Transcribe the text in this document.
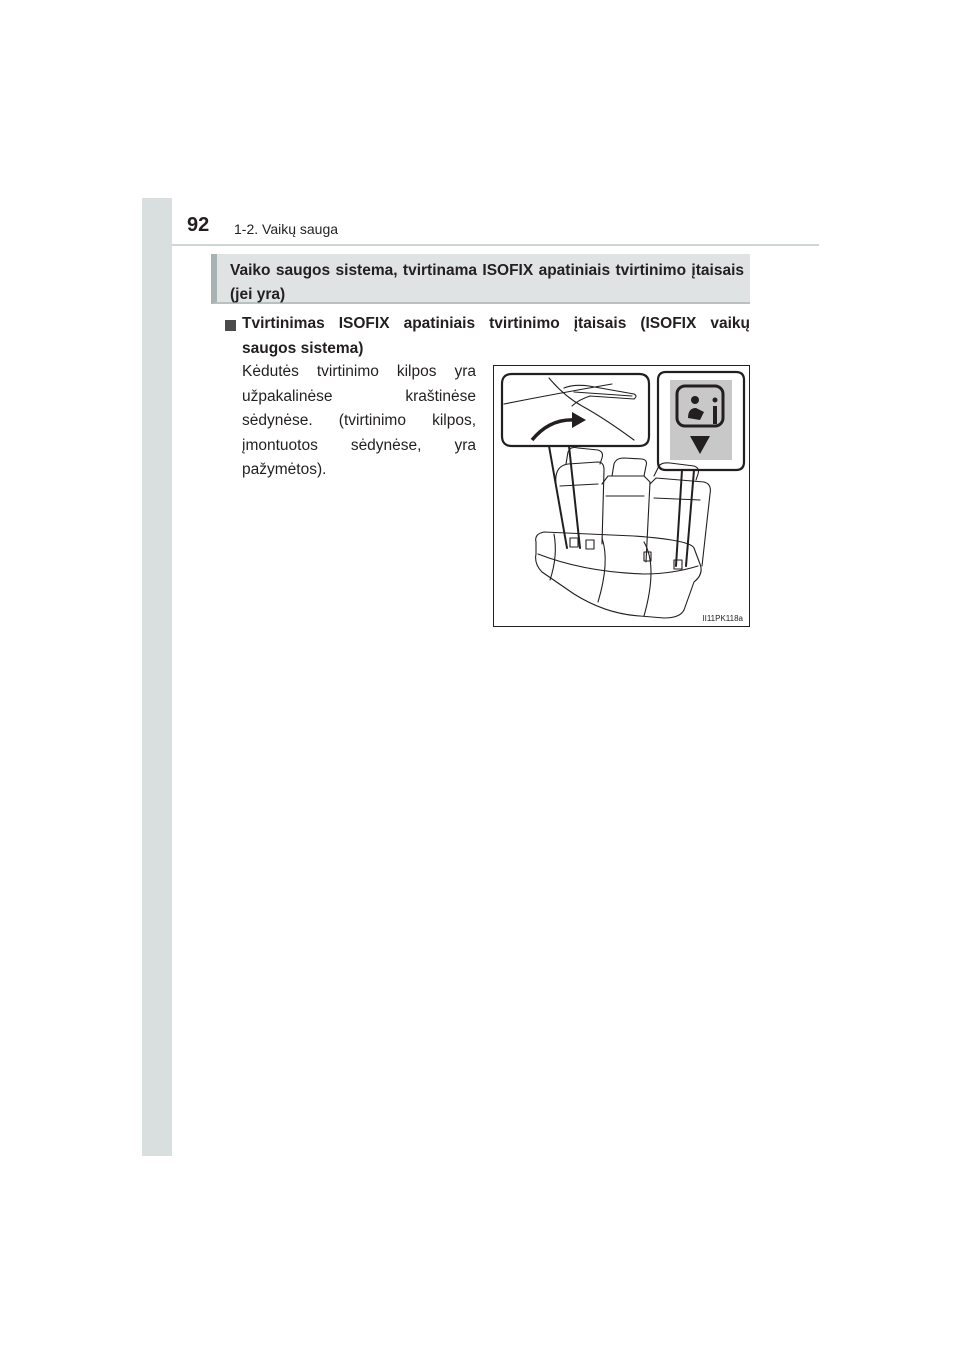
92 1-2. Vaikų sauga
Vaiko saugos sistema, tvirtinama ISOFIX apatiniais tvirtinimo įtaisais (jei yra)
Tvirtinimas ISOFIX apatiniais tvirtinimo įtaisais (ISOFIX vaikų saugos sistema)
Kėdutės tvirtinimo kilpos yra užpakalinėse kraštinėse sėdynėse. (tvirtinimo kilpos, įmontuotos sėdynėse, yra pažymėtos).
II11PK118a
